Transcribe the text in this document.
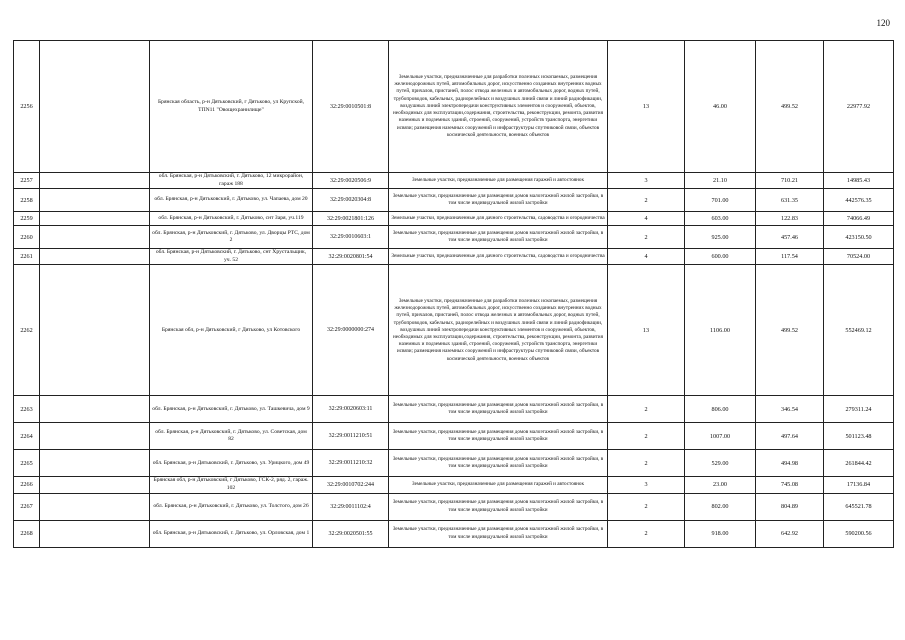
120
2256		Брянская область, р-н Дятьковский, г Дятьково, ул Крупской, ТПN11 "Овощехранилище"	32:29:0010501:8	Земельные участки, предназначенные для разработки полезных ископаемых, размещения железнодорожных путей, автомобильных дорог, искусственно созданных внутренних водных путей, причалов, пристаней, полос отвода железных и автомобильных дорог, водных путей, трубопроводов, кабельных, радиорелейных и воздушных линий связи и линий радиофикации, воздушных линий электропередачи конструктивных элементов и сооружений, объектов, необходимых для эксплуатации,содержания, строительства, реконструкции, ремонта, развития наземных и подземных зданий, строений, сооружений, устройств транспорта, энергетики исвязи; размещения наземных сооружений и инфраструктуры спутниковой связи, объектов космической деятельности, военных объектов	13	46.00	499.52	22977.92
2257		обл. Брянская, р-н Дятьковский, г. Дятьково, 12 микрорайон, гараж 188	32:29:0020506:9	Земельные участки, предназначенные для размещения гаражей и автостоянок	3	21.10	710.21	14985.43
2258		обл. Брянская, р-н Дятьковский, г. Дятьково, ул. Чапаева, дом 20	32:29:0020304:8	Земельные участки, предназначенные для размещения домов малоэтажной жилой застройки, в том числе индивидуальной жилой застройки	2	701.00	631.35	442576.35
2259		обл. Брянская, р-н Дятьковский, г. Дятьково, снт Заря, уч.119	32:29:0021801:126	Земельные участки, предназначенные для дачного строительства, садоводства и огородничества	4	603.00	122.83	74066.49
2260		обл. Брянская, р-н Дятьковский, г. Дятьково, ул. Дворцы РТС, дом 2	32:29:0010603:1	Земельные участки, предназначенные для размещения домов малоэтажной жилой застройки, в том числе индивидуальной жилой застройки	2	925.00	457.46	423150.50
2261		обл. Брянская, р-н Дятьковский, г. Дятьково, снт Хрустальщик, уч. 52	32:29:0020801:54	Земельные участки, предназначенные для дачного строительства, садоводства и огородничества	4	600.00	117.54	70524.00
2262		Брянская обл, р-н Дятьковский, г Дятьково, ул Котовского	32:29:0000000:274	Земельные участки, предназначенные для разработки полезных ископаемых, размещения железнодорожных путей, автомобильных дорог, искусственно созданных внутренних водных путей, причалов, пристаней, полос отвода железных и автомобильных дорог, водных путей, трубопроводов, кабельных, радиорелейных и воздушных линий связи и линий радиофикации, воздушных линий электропередачи конструктивных элементов и сооружений, объектов, необходимых для эксплуатации,содержания, строительства, реконструкции, ремонта, развития наземных и подземных зданий, строений, сооружений, устройств транспорта, энергетики исвязи; размещения наземных сооружений и инфраструктуры спутниковой связи, объектов космической деятельности, военных объектов	13	1106.00	499.52	552469.12
2263		обл. Брянская, р-н Дятьковский, г. Дятьково, ул. Ташкевича, дом 9	32:29:0020603:11	Земельные участки, предназначенные для размещения домов малоэтажной жилой застройки, в том числе индивидуальной жилой застройки	2	806.00	346.54	279311.24
2264		обл. Брянская, р-н Дятьковский, г. Дятьково, ул. Советская, дом 82	32:29:0011210:51	Земельные участки, предназначенные для размещения домов малоэтажной жилой застройки, в том числе индивидуальной жилой застройки	2	1007.00	497.64	501123.48
2265		обл. Брянская, р-н Дятьковский, г. Дятьково, ул. Урицкого, дом 49	32:29:0011210:32	Земельные участки, предназначенные для размещения домов малоэтажной жилой застройки, в том числе индивидуальной жилой застройки	2	529.00	494.98	261844.42
2266		Брянская обл, р-н Дятьковский, г Дятьково, ГСК-2, ряд. 2, гараж. 102	32:29:0010702:244	Земельные участки, предназначенные для размещения гаражей и автостоянок	3	23.00	745.08	17136.84
2267		обл. Брянская, р-н Дятьковский, г. Дятьково, ул. Толстого, дом 26	32:29:0011102:4	Земельные участки, предназначенные для размещения домов малоэтажной жилой застройки, в том числе индивидуальной жилой застройки	2	802.00	804.89	645521.78
2268		обл. Брянская, р-н Дятьковский, г. Дятьково, ул. Орловская, дом 1	32:29:0020501:55	Земельные участки, предназначенные для размещения домов малоэтажной жилой застройки, в том числе индивидуальной жилой застройки	2	918.00	642.92	590200.56
